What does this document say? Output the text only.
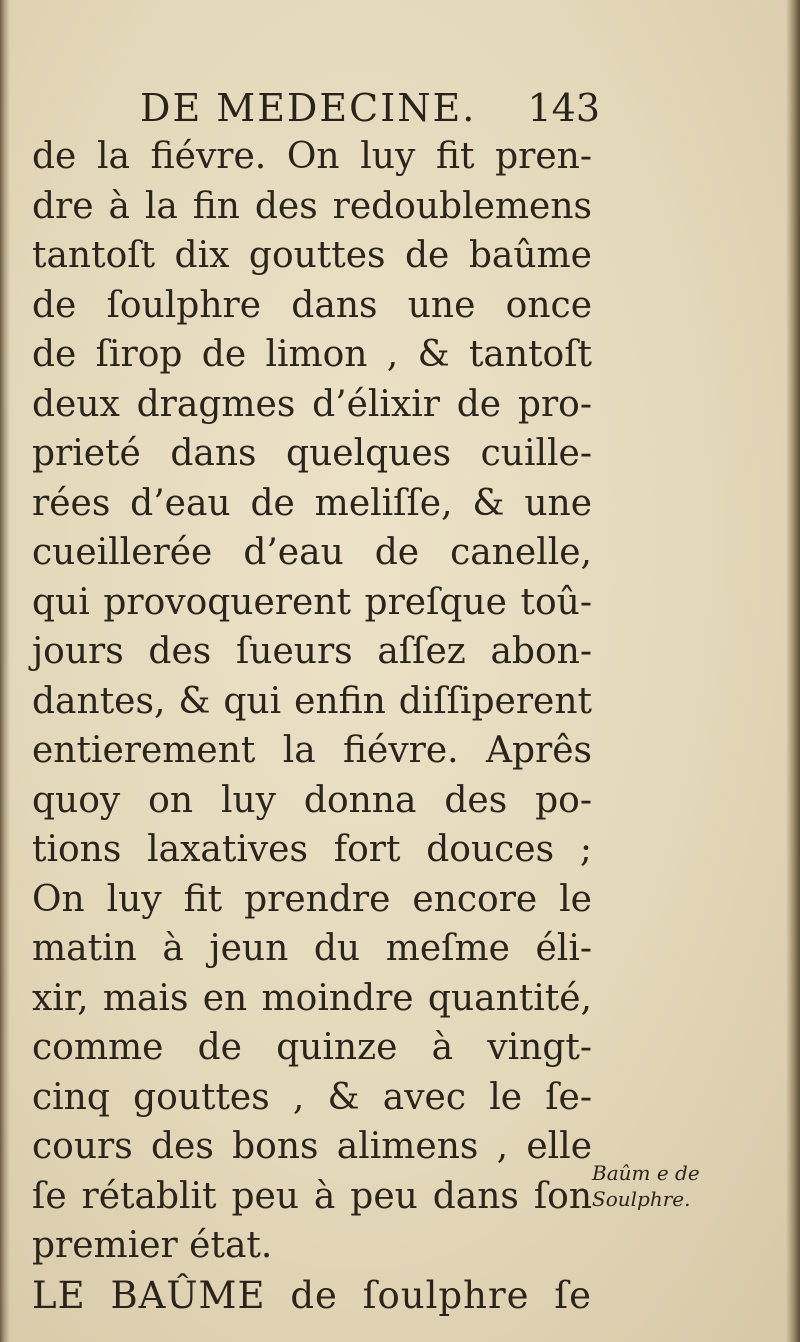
DE MEDECINE. 143
de la fiévre. On luy fit pren-
dre à la fin des redoublemens
tantoſt dix gouttes de baûme
de ſoulphre dans une once
de ſirop de limon , & tantoſt
deux dragmes d’élixir de pro-
prieté dans quelques cuille-
rées d’eau de meliſſe, & une
cueillerée d’eau de canelle,
qui provoquerent preſque toû-
jours des ſueurs aſſez abon-
dantes, & qui enfin diſſiperent
entierement la fiévre. Aprês
quoy on luy donna des po-
tions laxatives fort douces ;
On luy fit prendre encore le
matin à jeun du meſme éli-
xir, mais en moindre quantité,
comme de quinze à vingt-
cinq gouttes , & avec le ſe-
cours des bons alimens , elle
ſe rétablit peu à peu dans ſon
premier état.
LE BAÛME de ſoulphre ſe
Baûm e de
Soulphre.
